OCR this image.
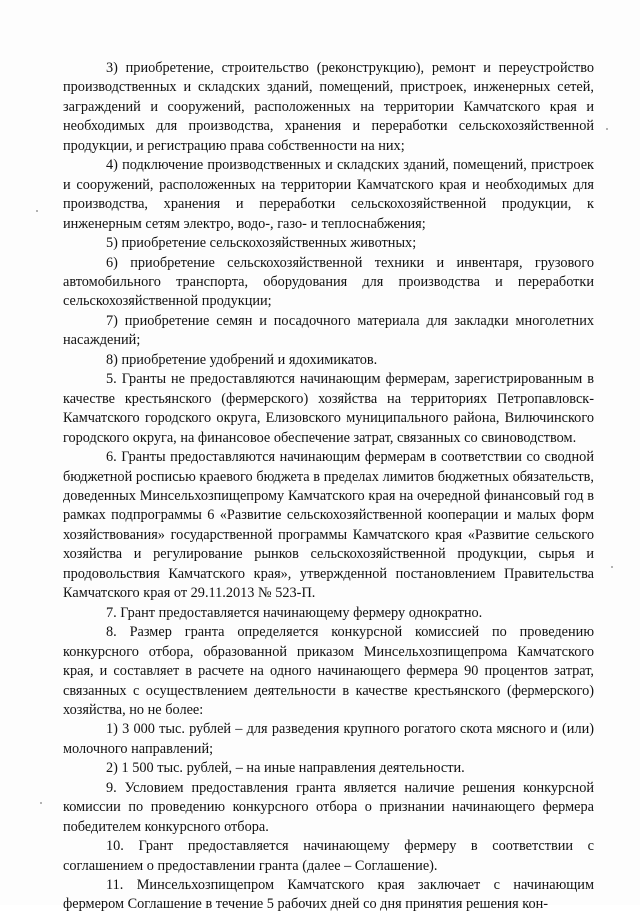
3) приобретение, строительство (реконструкцию), ремонт и переустройство производственных и складских зданий, помещений, пристроек, инженерных сетей, заграждений и сооружений, расположенных на территории Камчатского края и необходимых для производства, хранения и переработки сельскохозяйственной продукции, и регистрацию права собственности на них;

4) подключение производственных и складских зданий, помещений, пристроек и сооружений, расположенных на территории Камчатского края и необходимых для производства, хранения и переработки сельскохозяйственной продукции, к инженерным сетям электро, водо-, газо- и теплоснабжения;

5) приобретение сельскохозяйственных животных;

6) приобретение сельскохозяйственной техники и инвентаря, грузового автомобильного транспорта, оборудования для производства и переработки сельскохозяйственной продукции;

7) приобретение семян и посадочного материала для закладки многолетних насаждений;

8) приобретение удобрений и ядохимикатов.

5. Гранты не предоставляются начинающим фермерам, зарегистрированным в качестве крестьянского (фермерского) хозяйства на территориях Петропавловск-Камчатского городского округа, Елизовского муниципального района, Вилючинского городского округа, на финансовое обеспечение затрат, связанных со свиноводством.

6. Гранты предоставляются начинающим фермерам в соответствии со сводной бюджетной росписью краевого бюджета в пределах лимитов бюджетных обязательств, доведенных Минсельхозпищепрому Камчатского края на очередной финансовый год в рамках подпрограммы 6 «Развитие сельскохозяйственной кооперации и малых форм хозяйствования» государственной программы Камчатского края «Развитие сельского хозяйства и регулирование рынков сельскохозяйственной продукции, сырья и продовольствия Камчатского края», утвержденной постановлением Правительства Камчатского края от 29.11.2013 № 523-П.

7. Грант предоставляется начинающему фермеру однократно.

8. Размер гранта определяется конкурсной комиссией по проведению конкурсного отбора, образованной приказом Минсельхозпищепрома Камчатского края, и составляет в расчете на одного начинающего фермера 90 процентов затрат, связанных с осуществлением деятельности в качестве крестьянского (фермерского) хозяйства, но не более:

1) 3 000 тыс. рублей – для разведения крупного рогатого скота мясного и (или) молочного направлений;

2) 1 500 тыс. рублей, – на иные направления деятельности.

9. Условием предоставления гранта является наличие решения конкурсной комиссии по проведению конкурсного отбора о признании начинающего фермера победителем конкурсного отбора.

10. Грант предоставляется начинающему фермеру в соответствии с соглашением о предоставлении гранта (далее – Соглашение).

11. Минсельхозпищепром Камчатского края заключает с начинающим фермером Соглашение в течение 5 рабочих дней со дня принятия решения кон-
